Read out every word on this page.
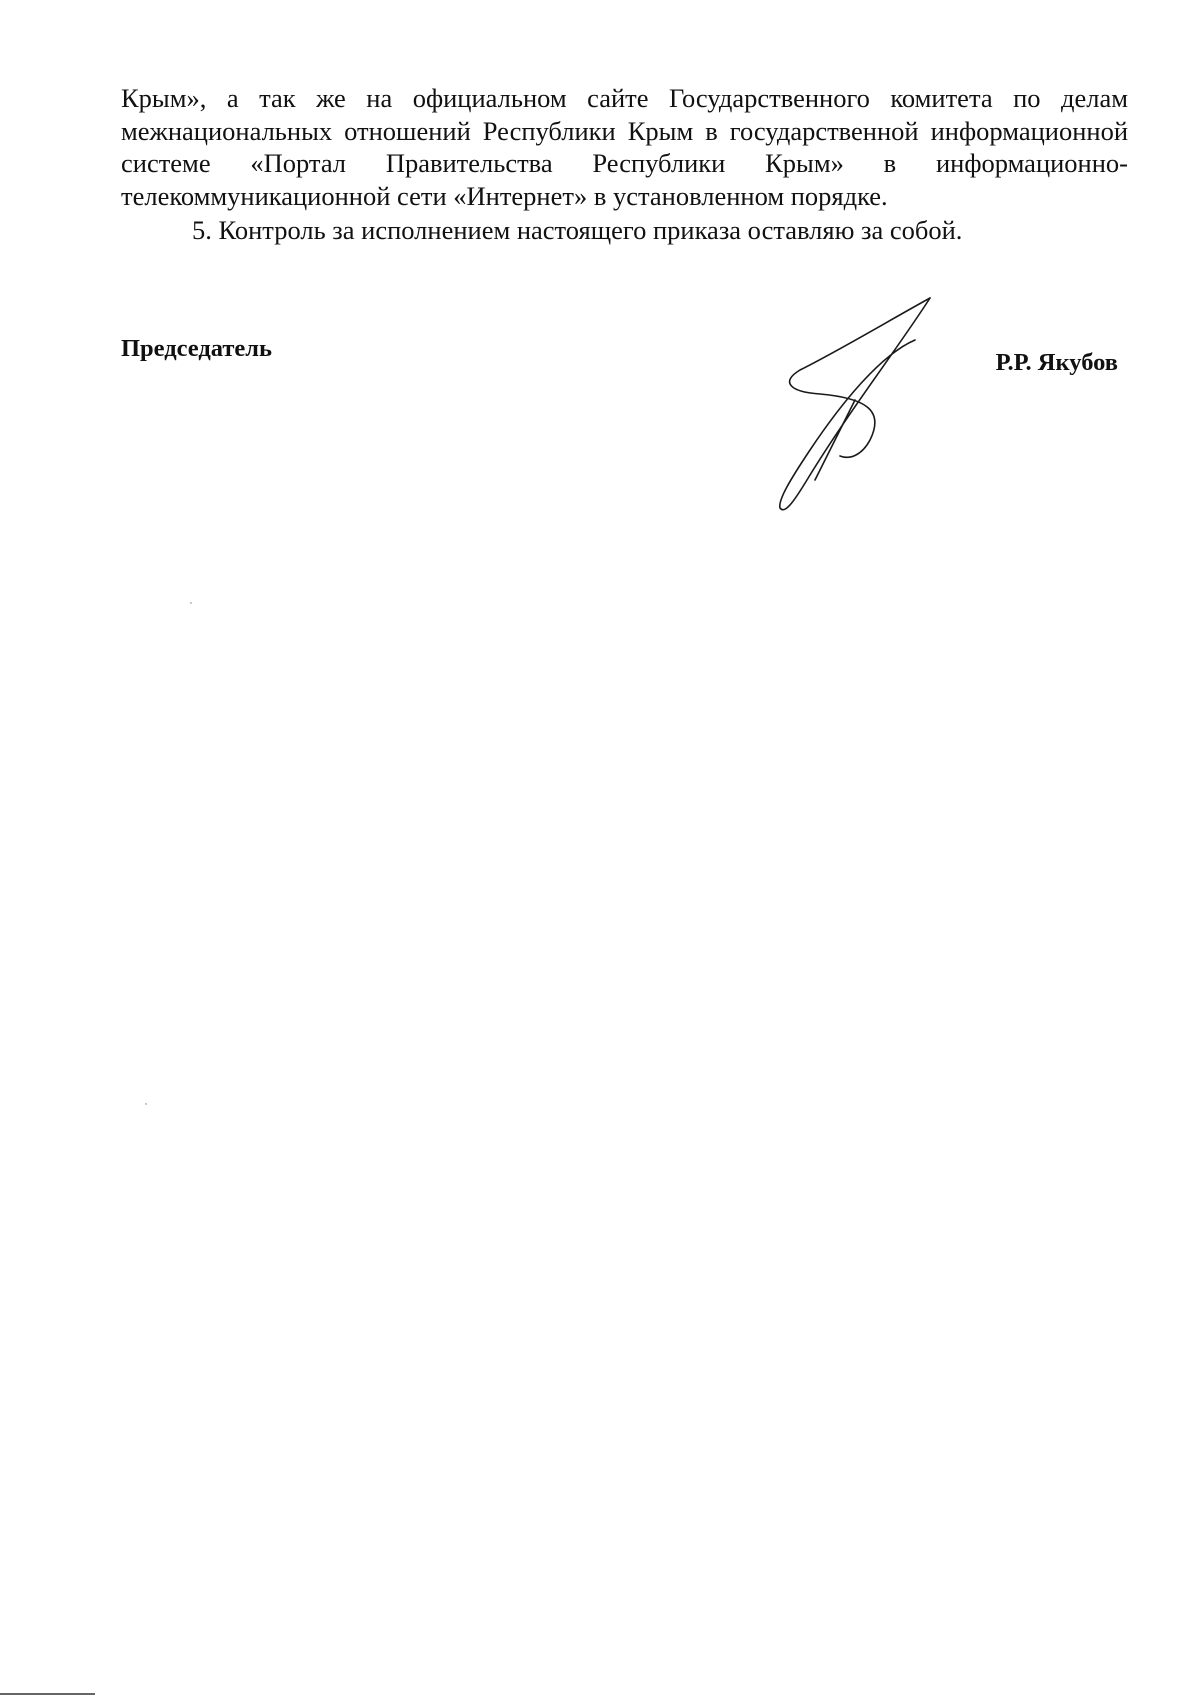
Крым», а так же на официальном сайте Государственного комитета по делам межнациональных отношений Республики Крым в государственной информационной системе «Портал Правительства Республики Крым» в информационно-телекоммуникационной сети «Интернет» в установленном порядке.

5. Контроль за исполнением настоящего приказа оставляю за собой.

Председатель
Р.Р. Якубов
